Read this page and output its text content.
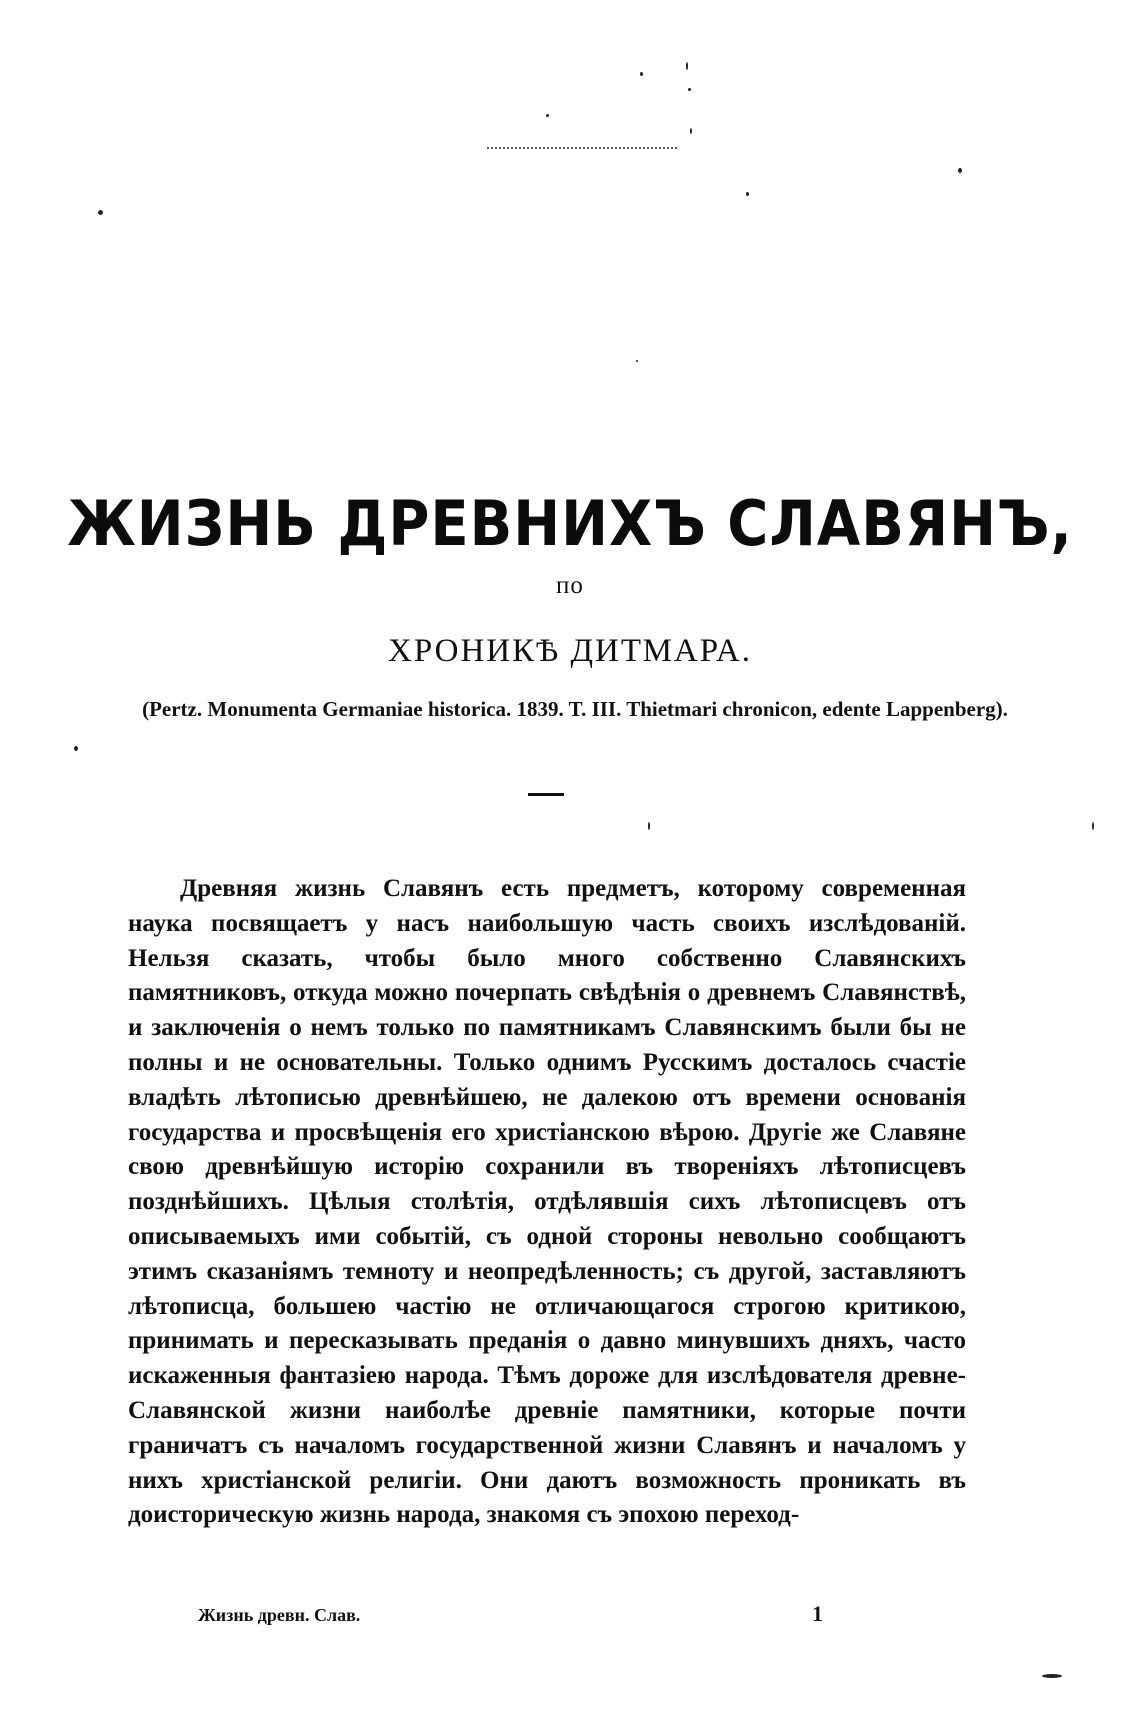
ЖИЗНЬ ДРЕВНИХЪ СЛАВЯНЪ,
по
ХРОНИКѢ ДИТМАРА.
(Pertz. Monumenta Germaniae historica. 1839. T. III. Thietmari chronicon, edente Lappenberg).

Древняя жизнь Славянъ есть предметъ, которому современная наука посвящаетъ у насъ наибольшую часть своихъ изслѣдованій. Нельзя сказать, чтобы было много собственно Славянскихъ памятниковъ, откуда можно почерпать свѣдѣнія о древнемъ Славянствѣ, и заключенія о немъ только по памятникамъ Славянскимъ были бы не полны и не основательны. Только однимъ Русскимъ досталось счастіе владѣть лѣтописью древнѣйшею, не далекою отъ времени основанія государства и просвѣщенія его христіанскою вѣрою. Другіе же Славяне свою древнѣйшую исторію сохранили въ твореніяхъ лѣтописцевъ позднѣйшихъ. Цѣлыя столѣтія, отдѣлявшія сихъ лѣтописцевъ отъ описываемыхъ ими событій, съ одной стороны невольно сообщаютъ этимъ сказаніямъ темноту и неопредѣленность; съ другой, заставляютъ лѣтописца, большею частію не отличающагося строгою критикою, принимать и пересказывать преданія о давно минувшихъ дняхъ, часто искаженныя фантазіею народа. Тѣмъ дороже для изслѣдователя древне-Славянской жизни наиболѣе древніе памятники, которые почти граничатъ съ началомъ государственной жизни Славянъ и началомъ у нихъ христіанской религіи. Они даютъ возможность проникать въ доисторическую жизнь народа, знакомя съ эпохою переход-

Жизнь древн. Слав.	1
